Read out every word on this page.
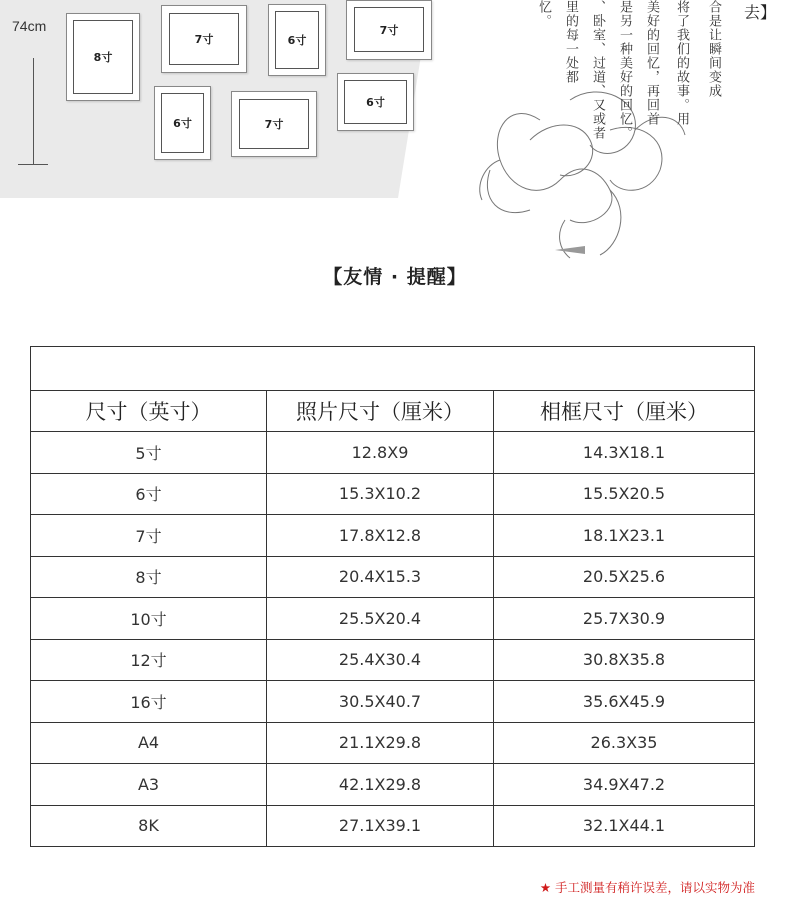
74cm
8寸
7寸	6寸
7寸
6寸	7寸
6寸
合是让瞬间变成
将了我们的故事。用
美好的回忆，再回首
是另一种美好的回忆。
、卧室、过道、又或者
里的每一处都
忆。	去】
【友情 · 提醒】

尺寸（英寸）	照片尺寸（厘米）	相框尺寸（厘米）
5寸	12.8X9	14.3X18.1
6寸	15.3X10.2	15.5X20.5
7寸	17.8X12.8	18.1X23.1
8寸	20.4X15.3	20.5X25.6
10寸	25.5X20.4	25.7X30.9
12寸	25.4X30.4	30.8X35.8
16寸	30.5X40.7	35.6X45.9
A4	21.1X29.8	26.3X35
A3	42.1X29.8	34.9X47.2
8K	27.1X39.1	32.1X44.1
★ 手工测量有稍许误差，请以实物为准
